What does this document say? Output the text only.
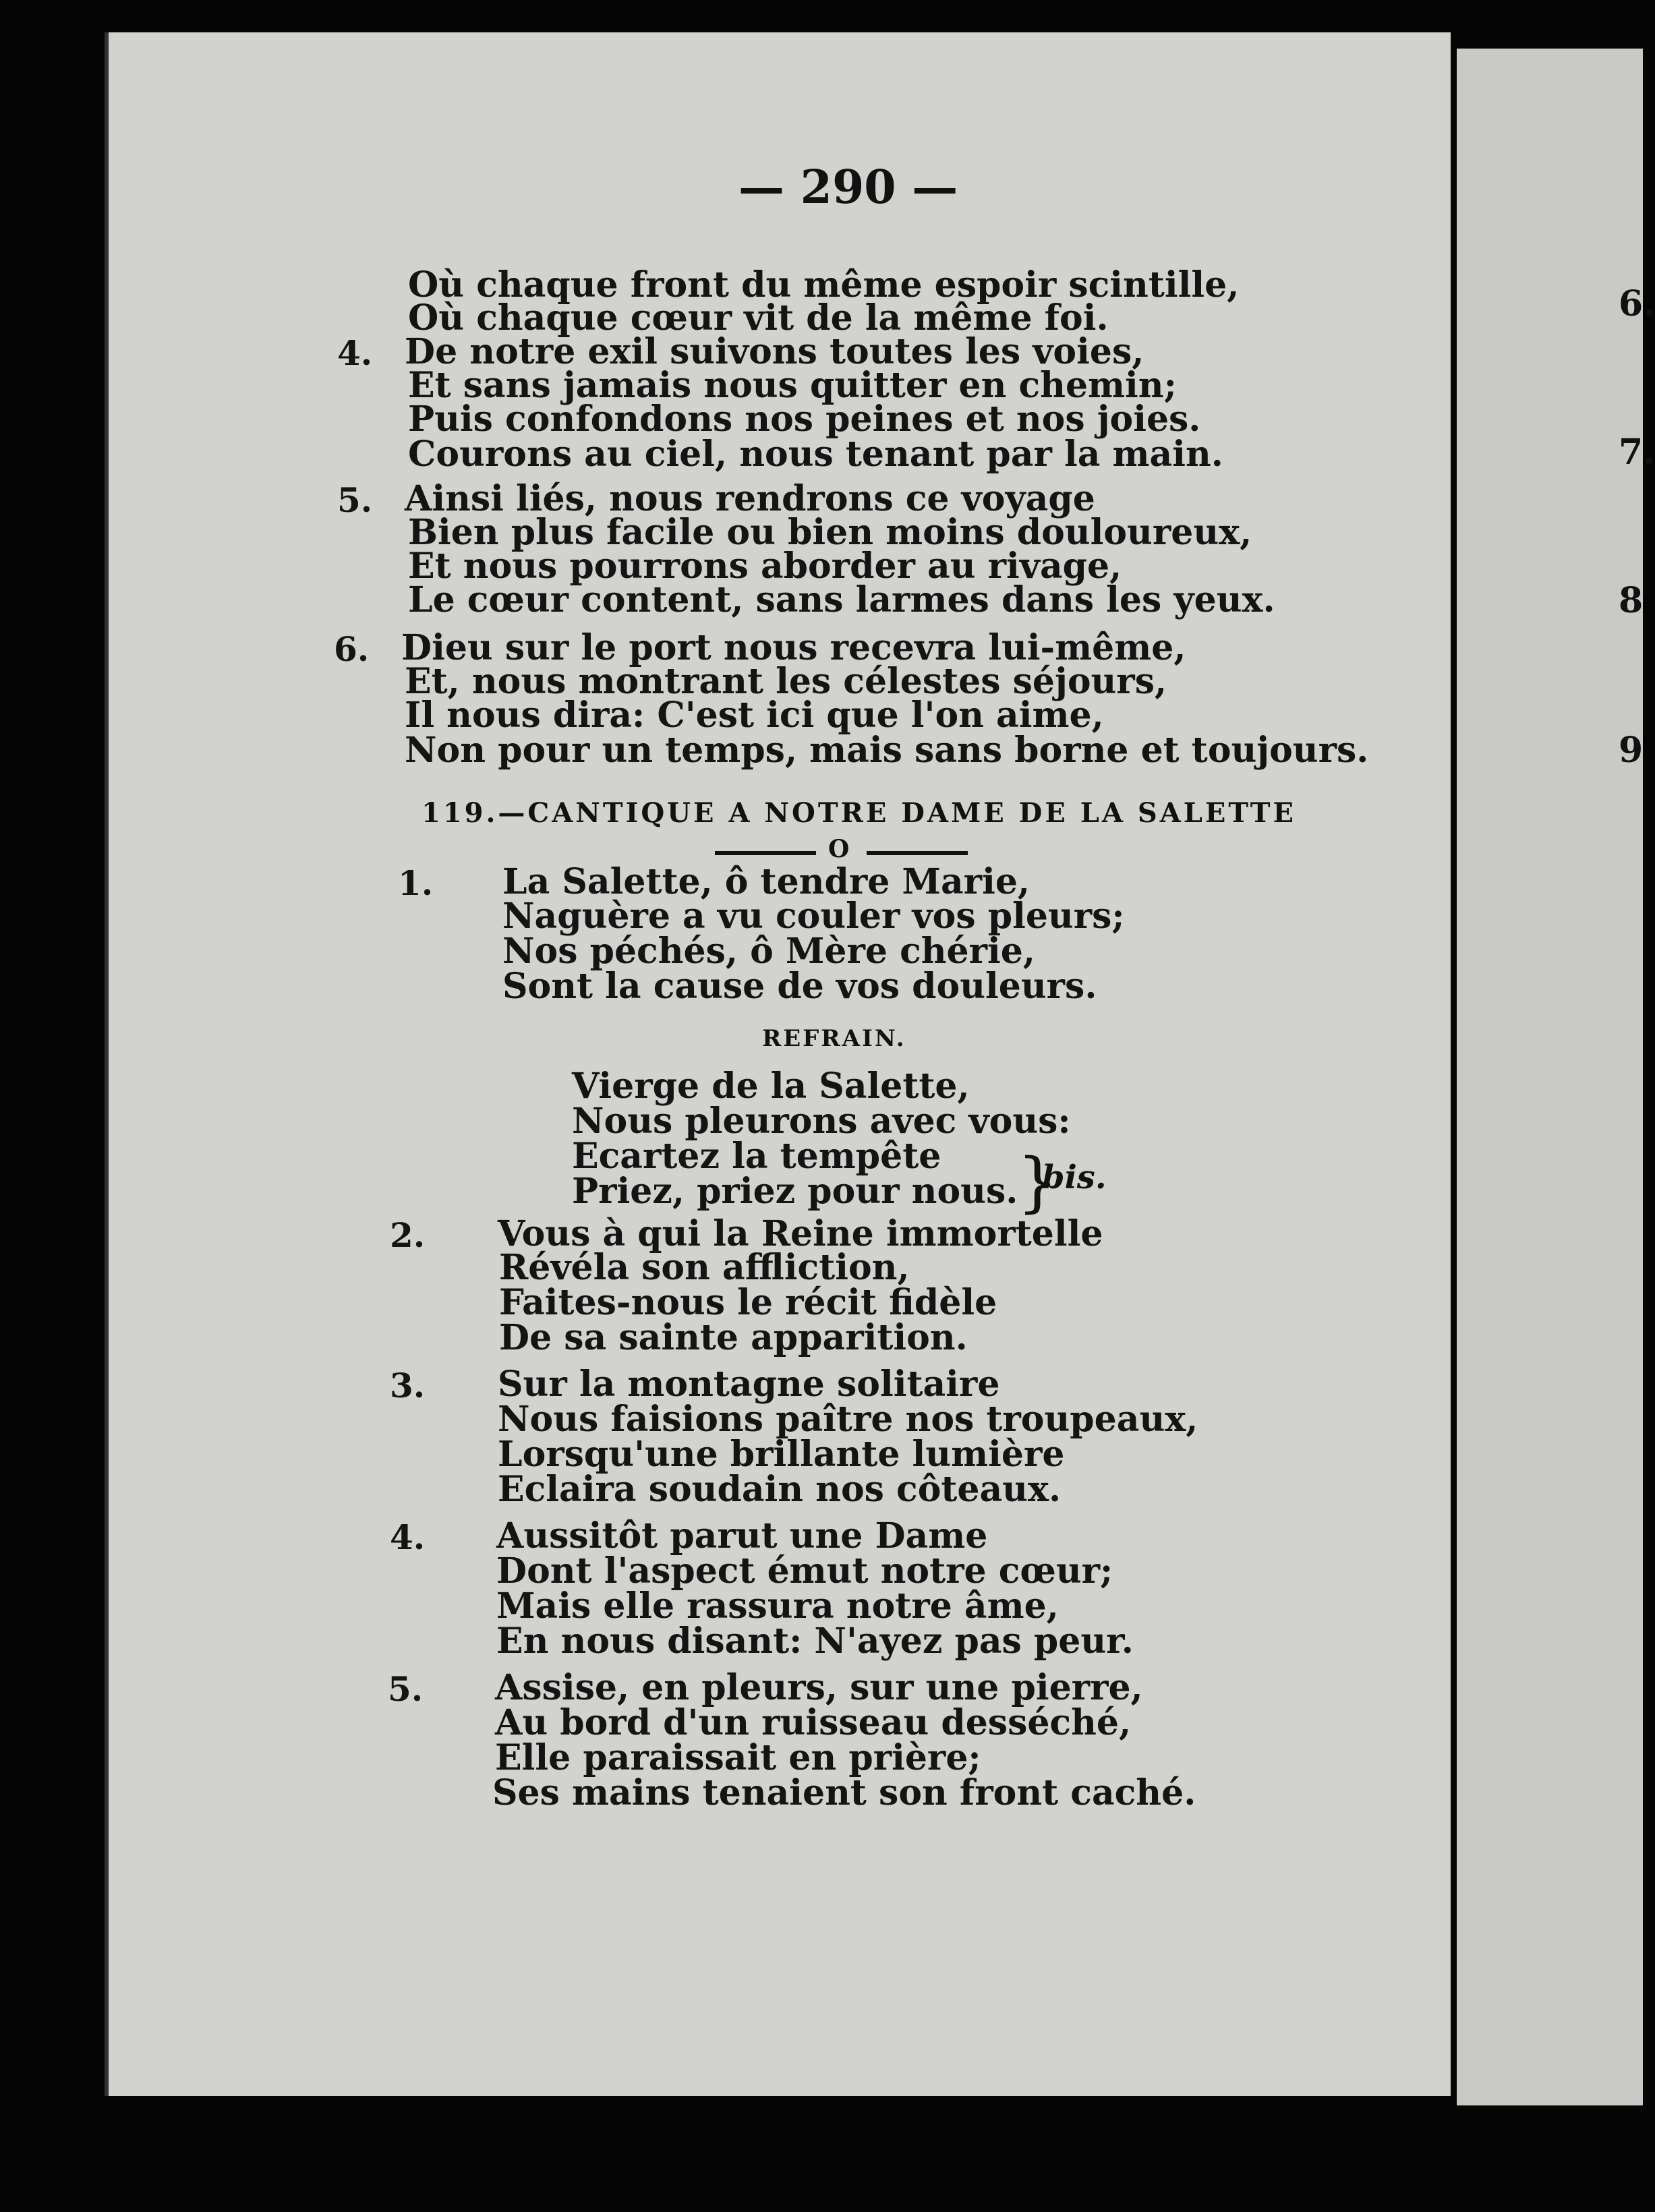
— 290 —
Où chaque front du même espoir scintille,
Où chaque cœur vit de la même foi.
4. De notre exil suivons toutes les voies,
Et sans jamais nous quitter en chemin;
Puis confondons nos peines et nos joies.
Courons au ciel, nous tenant par la main.
5. Ainsi liés, nous rendrons ce voyage
Bien plus facile ou bien moins douloureux,
Et nous pourrons aborder au rivage,
Le cœur content, sans larmes dans les yeux.
6. Dieu sur le port nous recevra lui-même,
Et, nous montrant les célestes séjours,
Il nous dira: C'est ici que l'on aime,
Non pour un temps, mais sans borne et toujours.
119.—CANTIQUE A NOTRE DAME DE LA SALETTE
O
1. La Salette, ô tendre Marie,
Naguère a vu couler vos pleurs;
Nos péchés, ô Mère chérie,
Sont la cause de vos douleurs.
REFRAIN.
Vierge de la Salette,
Nous pleurons avec vous:
Ecartez la tempête
Priez, priez pour nous.
}
bis.
2. Vous à qui la Reine immortelle
Révéla son affliction,
Faites-nous le récit fidèle
De sa sainte apparition.
3. Sur la montagne solitaire
Nous faisions paître nos troupeaux,
Lorsqu'une brillante lumière
Eclaira soudain nos côteaux.
4. Aussitôt parut une Dame
Dont l'aspect émut notre cœur;
Mais elle rassura notre âme,
En nous disant: N'ayez pas peur.
5. Assise, en pleurs, sur une pierre,
Au bord d'un ruisseau desséché,
Elle paraissait en prière;
Ses mains tenaient son front caché.
6.
7.
8
9
